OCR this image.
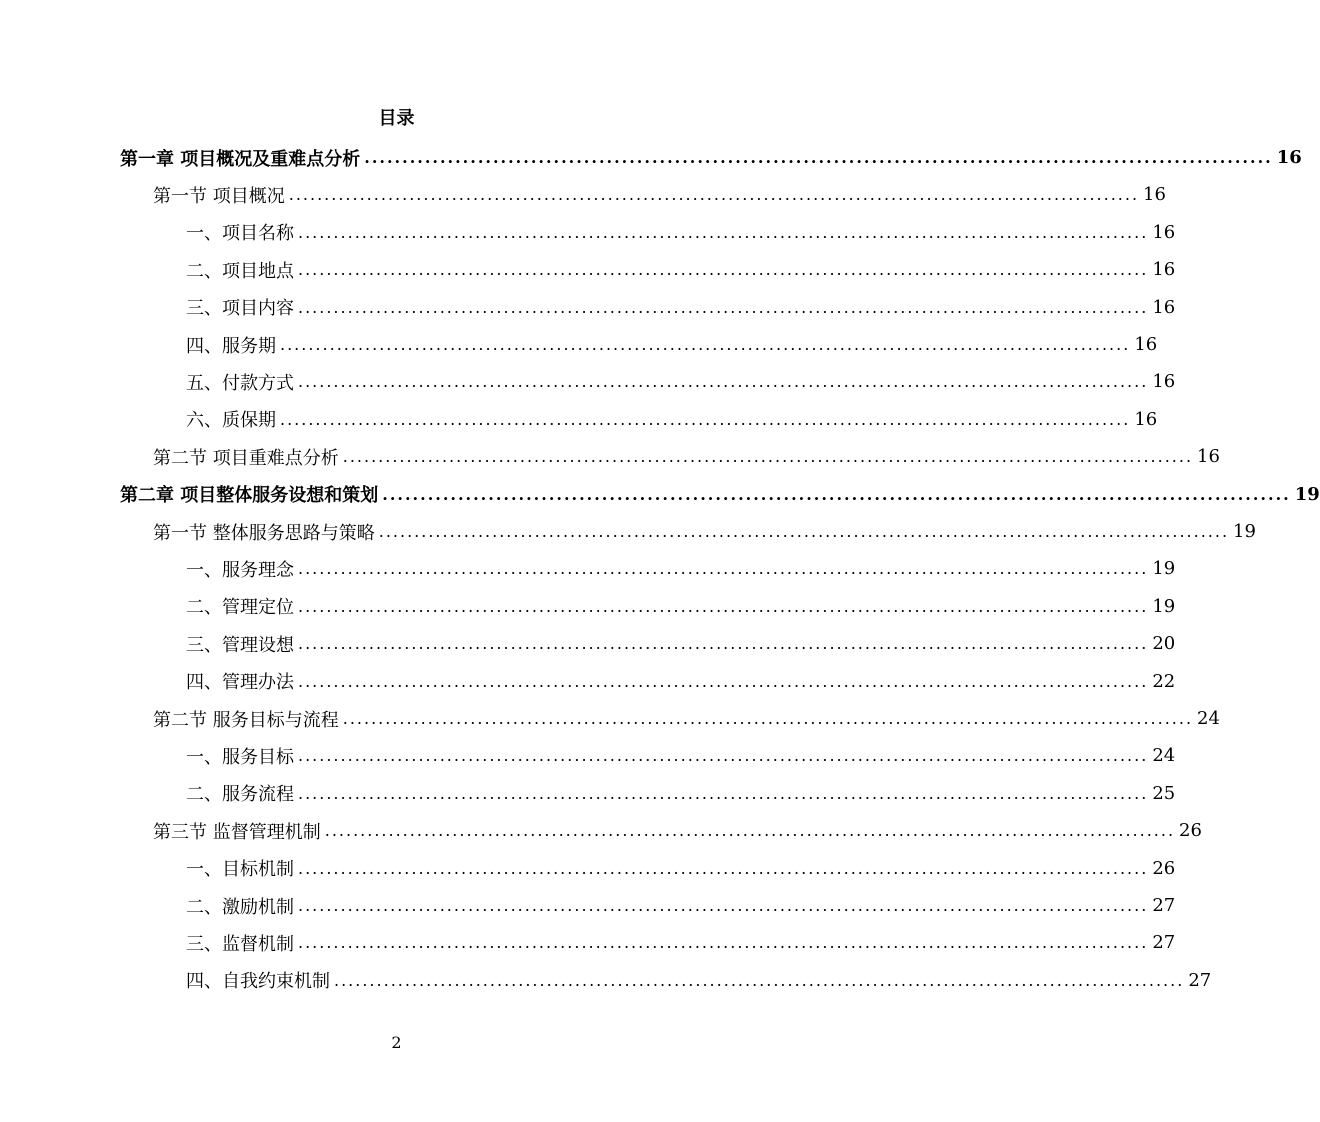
目录
第一章 项目概况及重难点分析 ........................................................................................................................ 16
第一节 项目概况 ........................................................................................................................ 16
一、项目名称 ........................................................................................................................ 16
二、项目地点 ........................................................................................................................ 16
三、项目内容 ........................................................................................................................ 16
四、服务期 ........................................................................................................................ 16
五、付款方式 ........................................................................................................................ 16
六、质保期 ........................................................................................................................ 16
第二节 项目重难点分析 ........................................................................................................................ 16
第二章 项目整体服务设想和策划 ........................................................................................................................ 19
第一节 整体服务思路与策略 ........................................................................................................................ 19
一、服务理念 ........................................................................................................................ 19
二、管理定位 ........................................................................................................................ 19
三、管理设想 ........................................................................................................................ 20
四、管理办法 ........................................................................................................................ 22
第二节 服务目标与流程 ........................................................................................................................ 24
一、服务目标 ........................................................................................................................ 24
二、服务流程 ........................................................................................................................ 25
第三节 监督管理机制 ........................................................................................................................ 26
一、目标机制 ........................................................................................................................ 26
二、激励机制 ........................................................................................................................ 27
三、监督机制 ........................................................................................................................ 27
四、自我约束机制 ........................................................................................................................ 27
2
